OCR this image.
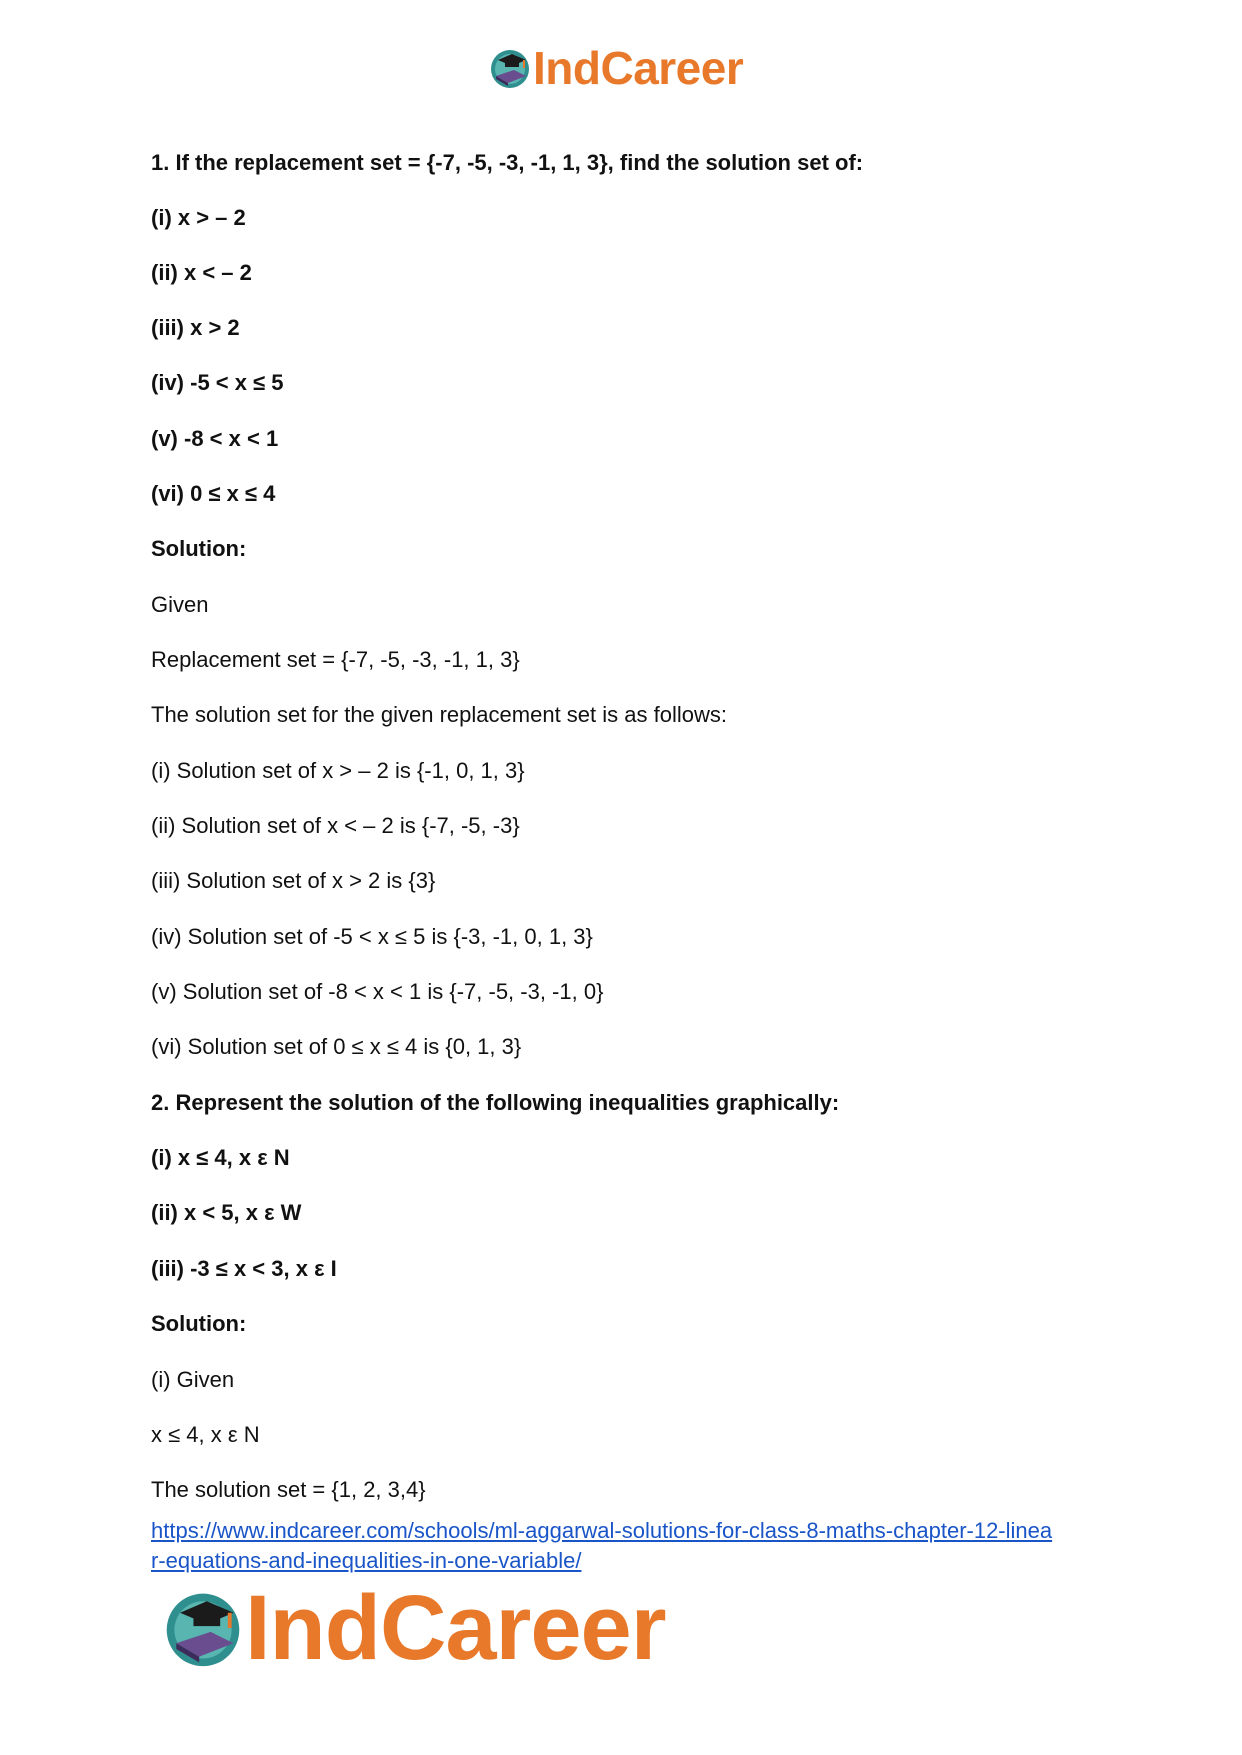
IndCareer

1. If the replacement set = {-7, -5, -3, -1, 1, 3}, find the solution set of:

(i) x > – 2

(ii) x < – 2

(iii) x > 2

(iv) -5 < x ≤ 5

(v) -8 < x < 1

(vi) 0 ≤ x ≤ 4

Solution:

Given

Replacement set = {-7, -5, -3, -1, 1, 3}

The solution set for the given replacement set is as follows:

(i) Solution set of x > – 2 is {-1, 0, 1, 3}

(ii) Solution set of x < – 2 is {-7, -5, -3}

(iii) Solution set of x > 2 is {3}

(iv) Solution set of -5 < x ≤ 5 is {-3, -1, 0, 1, 3}

(v) Solution set of -8 < x < 1 is {-7, -5, -3, -1, 0}

(vi) Solution set of 0 ≤ x ≤ 4 is {0, 1, 3}

2. Represent the solution of the following inequalities graphically:

(i) x ≤ 4, x ε N

(ii) x < 5, x ε W

(iii) -3 ≤ x < 3, x ε I

Solution:

(i) Given

x ≤ 4, x ε N

The solution set = {1, 2, 3,4}

https://www.indcareer.com/schools/ml-aggarwal-solutions-for-class-8-maths-chapter-12-linea
r-equations-and-inequalities-in-one-variable/
IndCareer
